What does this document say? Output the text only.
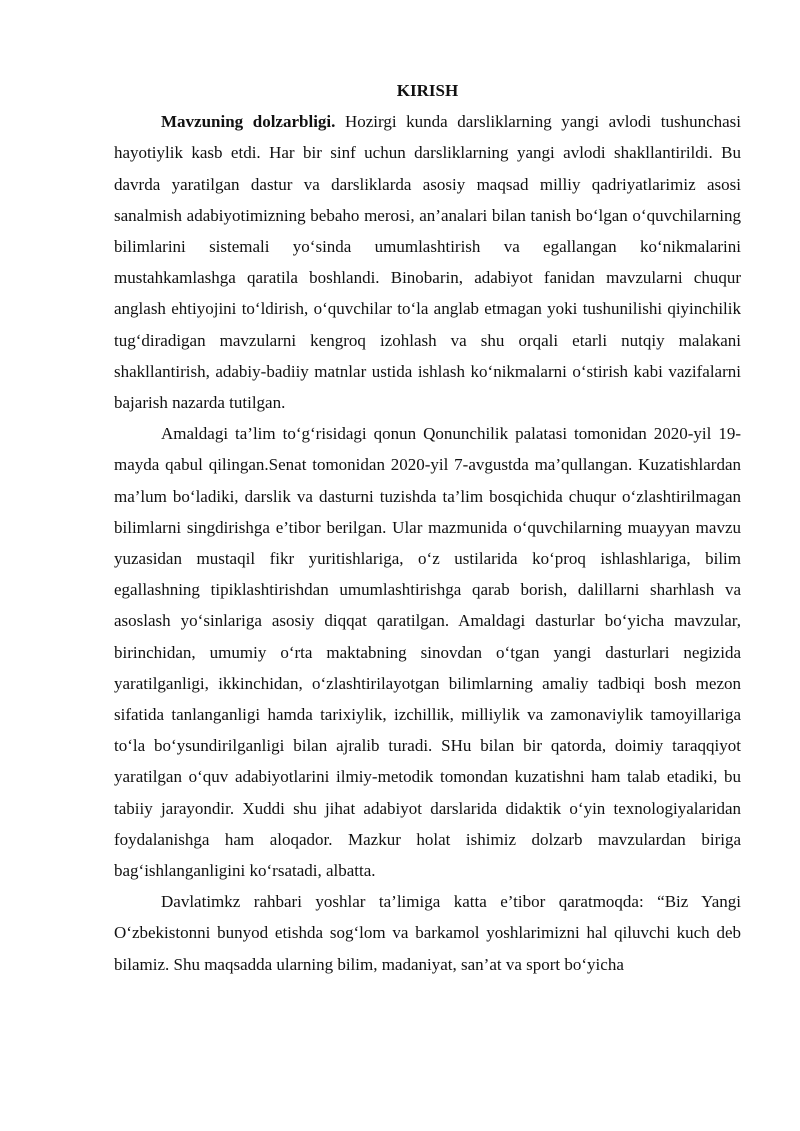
KIRISH

Mavzuning dolzarbligi. Hozirgi kunda darsliklarning yangi avlodi tushunchasi hayotiylik kasb etdi. Har bir sinf uchun darsliklarning yangi avlodi shakllantirildi. Bu davrda yaratilgan dastur va darsliklarda asosiy maqsad milliy qadriyatlarimiz asosi sanalmish adabiyotimizning bebaho merosi, an’analari bilan tanish bo‘lgan o‘quvchilarning bilimlarini sistemali yo‘sinda umumlashtirish va egallangan ko‘nikmalarini mustahkamlashga qaratila boshlandi. Binobarin, adabiyot fanidan mavzularni chuqur anglash ehtiyojini to‘ldirish, o‘quvchilar to‘la anglab etmagan yoki tushunilishi qiyinchilik tug‘diradigan mavzularni kengroq izohlash va shu orqali etarli nutqiy malakani shakllantirish, adabiy-badiiy matnlar ustida ishlash ko‘nikmalarni o‘stirish kabi vazifalarni bajarish nazarda tutilgan.

Amaldagi ta’lim to‘g‘risidagi qonun Qonunchilik palatasi tomonidan 2020-yil 19-mayda qabul qilingan.Senat tomonidan 2020-yil 7-avgustda ma’qullangan. Kuzatishlardan ma’lum bo‘ladiki, darslik va dasturni tuzishda ta’lim bosqichida chuqur o‘zlashtirilmagan bilimlarni singdirishga e’tibor berilgan. Ular mazmunida o‘quvchilarning muayyan mavzu yuzasidan mustaqil fikr yuritishlariga, o‘z ustilarida ko‘proq ishlashlariga, bilim egallashning tipiklashtirishdan umumlashtirishga qarab borish, dalillarni sharhlash va asoslash yo‘sinlariga asosiy diqqat qaratilgan. Amaldagi dasturlar bo‘yicha mavzular, birinchidan, umumiy o‘rta maktabning sinovdan o‘tgan yangi dasturlari negizida yaratilganligi, ikkinchidan, o‘zlashtirilayotgan bilimlarning amaliy tadbiqi bosh mezon sifatida tanlanganligi hamda tarixiylik, izchillik, milliylik va zamonaviylik tamoyillariga to‘la bo‘ysundirilganligi bilan ajralib turadi. SHu bilan bir qatorda, doimiy taraqqiyot yaratilgan o‘quv adabiyotlarini ilmiy-metodik tomondan kuzatishni ham talab etadiki, bu tabiiy jarayondir. Xuddi shu jihat adabiyot darslarida didaktik o‘yin texnologiyalaridan foydalanishga ham aloqador. Mazkur holat ishimiz dolzarb mavzulardan biriga bag‘ishlanganligini ko‘rsatadi, albatta.

Davlatimkz rahbari yoshlar ta’limiga katta e’tibor qaratmoqda: “Biz Yangi O‘zbekistonni bunyod etishda sog‘lom va barkamol yoshlarimizni hal qiluvchi kuch deb bilamiz. Shu maqsadda ularning bilim, madaniyat, san’at va sport bo‘yicha
